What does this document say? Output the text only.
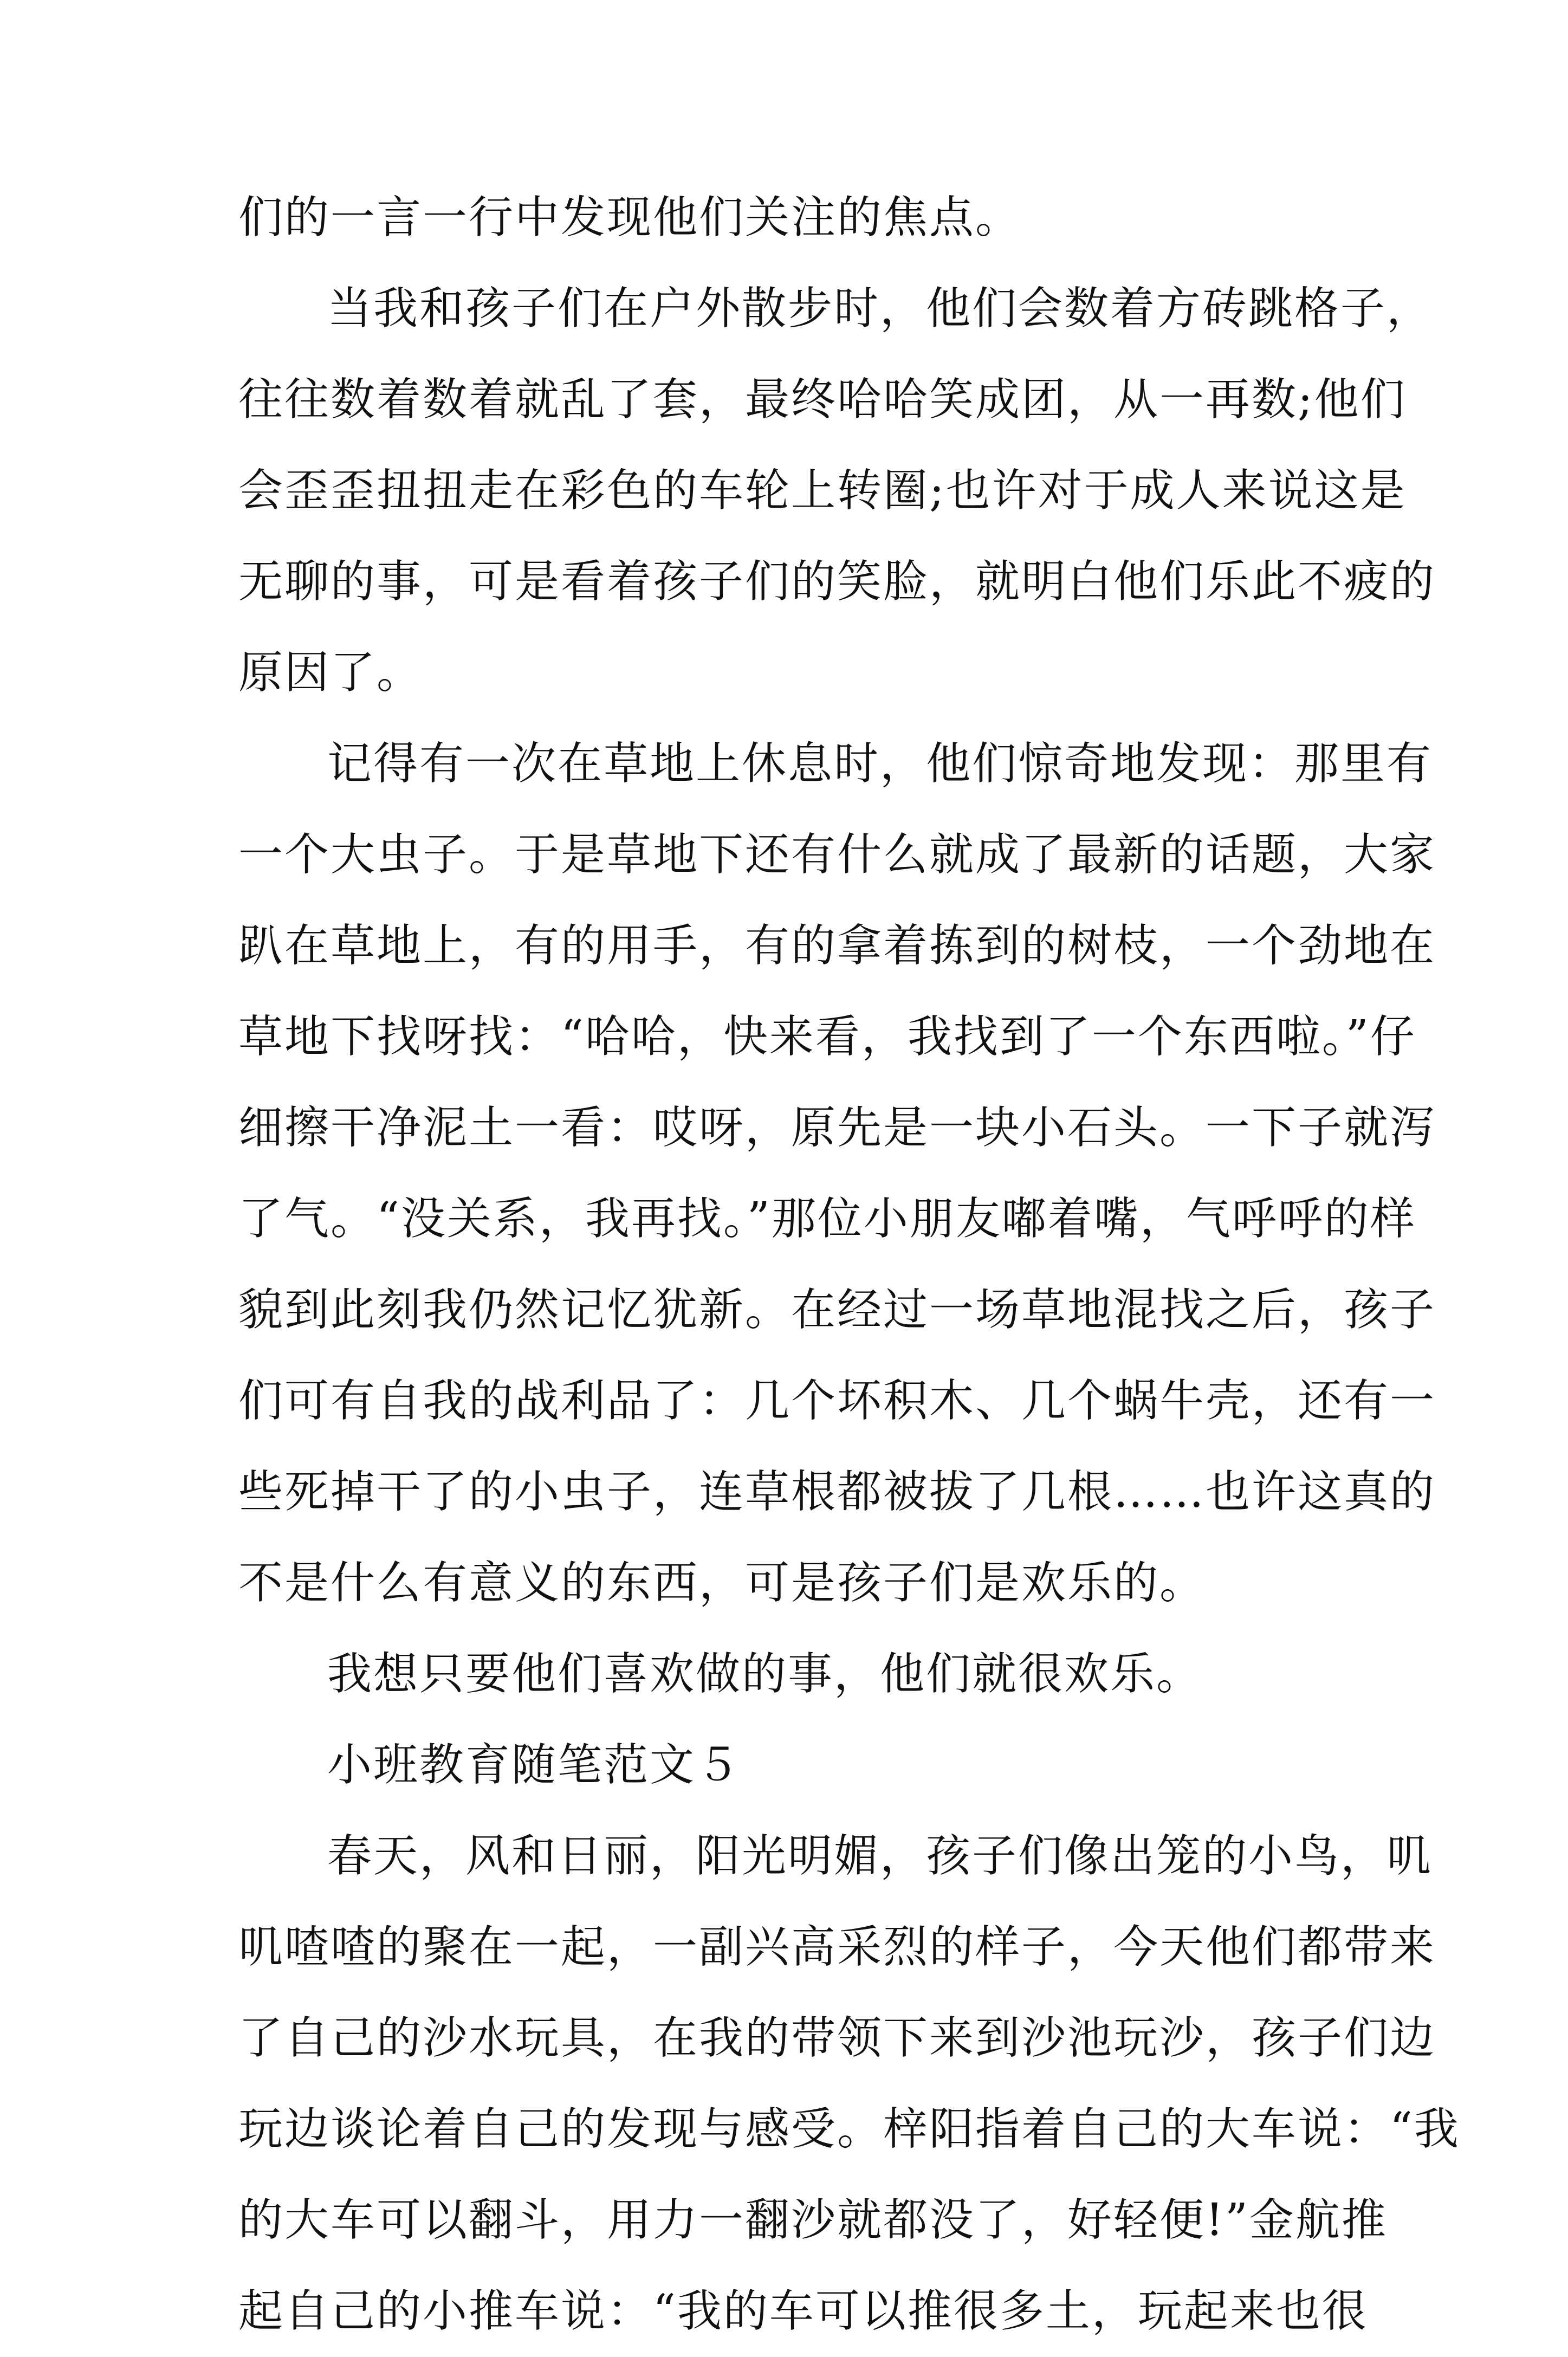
们的一言一行中发现他们关注的焦点。
当我和孩子们在户外散步时，他们会数着方砖跳格子，
往往数着数着就乱了套，最终哈哈笑成团，从一再数;他们
会歪歪扭扭走在彩色的车轮上转圈;也许对于成人来说这是
无聊的事，可是看着孩子们的笑脸，就明白他们乐此不疲的
原因了。
记得有一次在草地上休息时，他们惊奇地发现：那里有
一个大虫子。于是草地下还有什么就成了最新的话题，大家
趴在草地上，有的用手，有的拿着拣到的树枝，一个劲地在
草地下找呀找：“哈哈，快来看，我找到了一个东西啦。”仔
细擦干净泥土一看：哎呀，原先是一块小石头。一下子就泻
了气。“没关系，我再找。”那位小朋友嘟着嘴，气呼呼的样
貌到此刻我仍然记忆犹新。在经过一场草地混找之后，孩子
们可有自我的战利品了：几个坏积木、几个蜗牛壳，还有一
些死掉干了的小虫子，连草根都被拔了几根……也许这真的
不是什么有意义的东西，可是孩子们是欢乐的。
我想只要他们喜欢做的事，他们就很欢乐。
小班教育随笔范文５
春天，风和日丽，阳光明媚，孩子们像出笼的小鸟，叽
叽喳喳的聚在一起，一副兴高采烈的样子，今天他们都带来
了自己的沙水玩具，在我的带领下来到沙池玩沙，孩子们边
玩边谈论着自己的发现与感受。梓阳指着自己的大车说：“我
的大车可以翻斗，用力一翻沙就都没了，好轻便!”金航推
起自己的小推车说：“我的车可以推很多土，玩起来也很
